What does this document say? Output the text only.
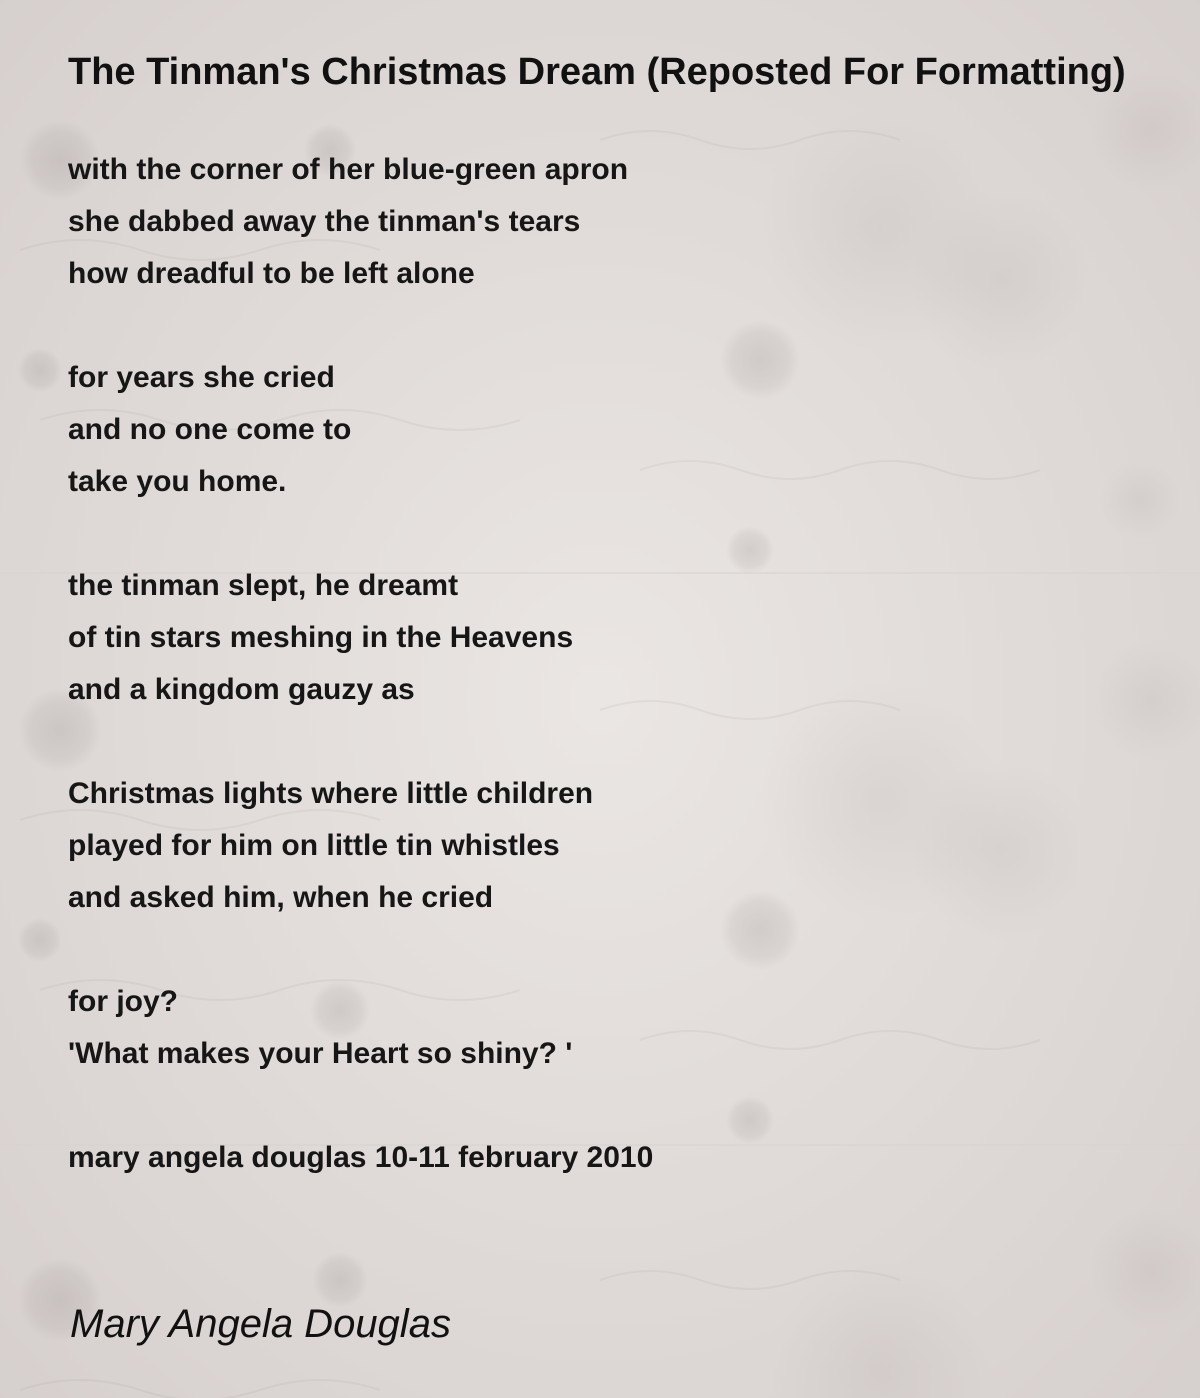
The Tinman's Christmas Dream (Reposted For Formatting)
with the corner of her blue-green apron
she dabbed away the tinman's tears
how dreadful to be left alone
for years she cried
and no one come to
take you home.
the tinman slept, he dreamt
of tin stars meshing in the Heavens
and a kingdom gauzy as
Christmas lights where little children
played for him on little tin whistles
and asked him, when he cried
for joy?
'What makes your Heart so shiny? '
mary angela douglas 10-11 february 2010
Mary Angela Douglas
